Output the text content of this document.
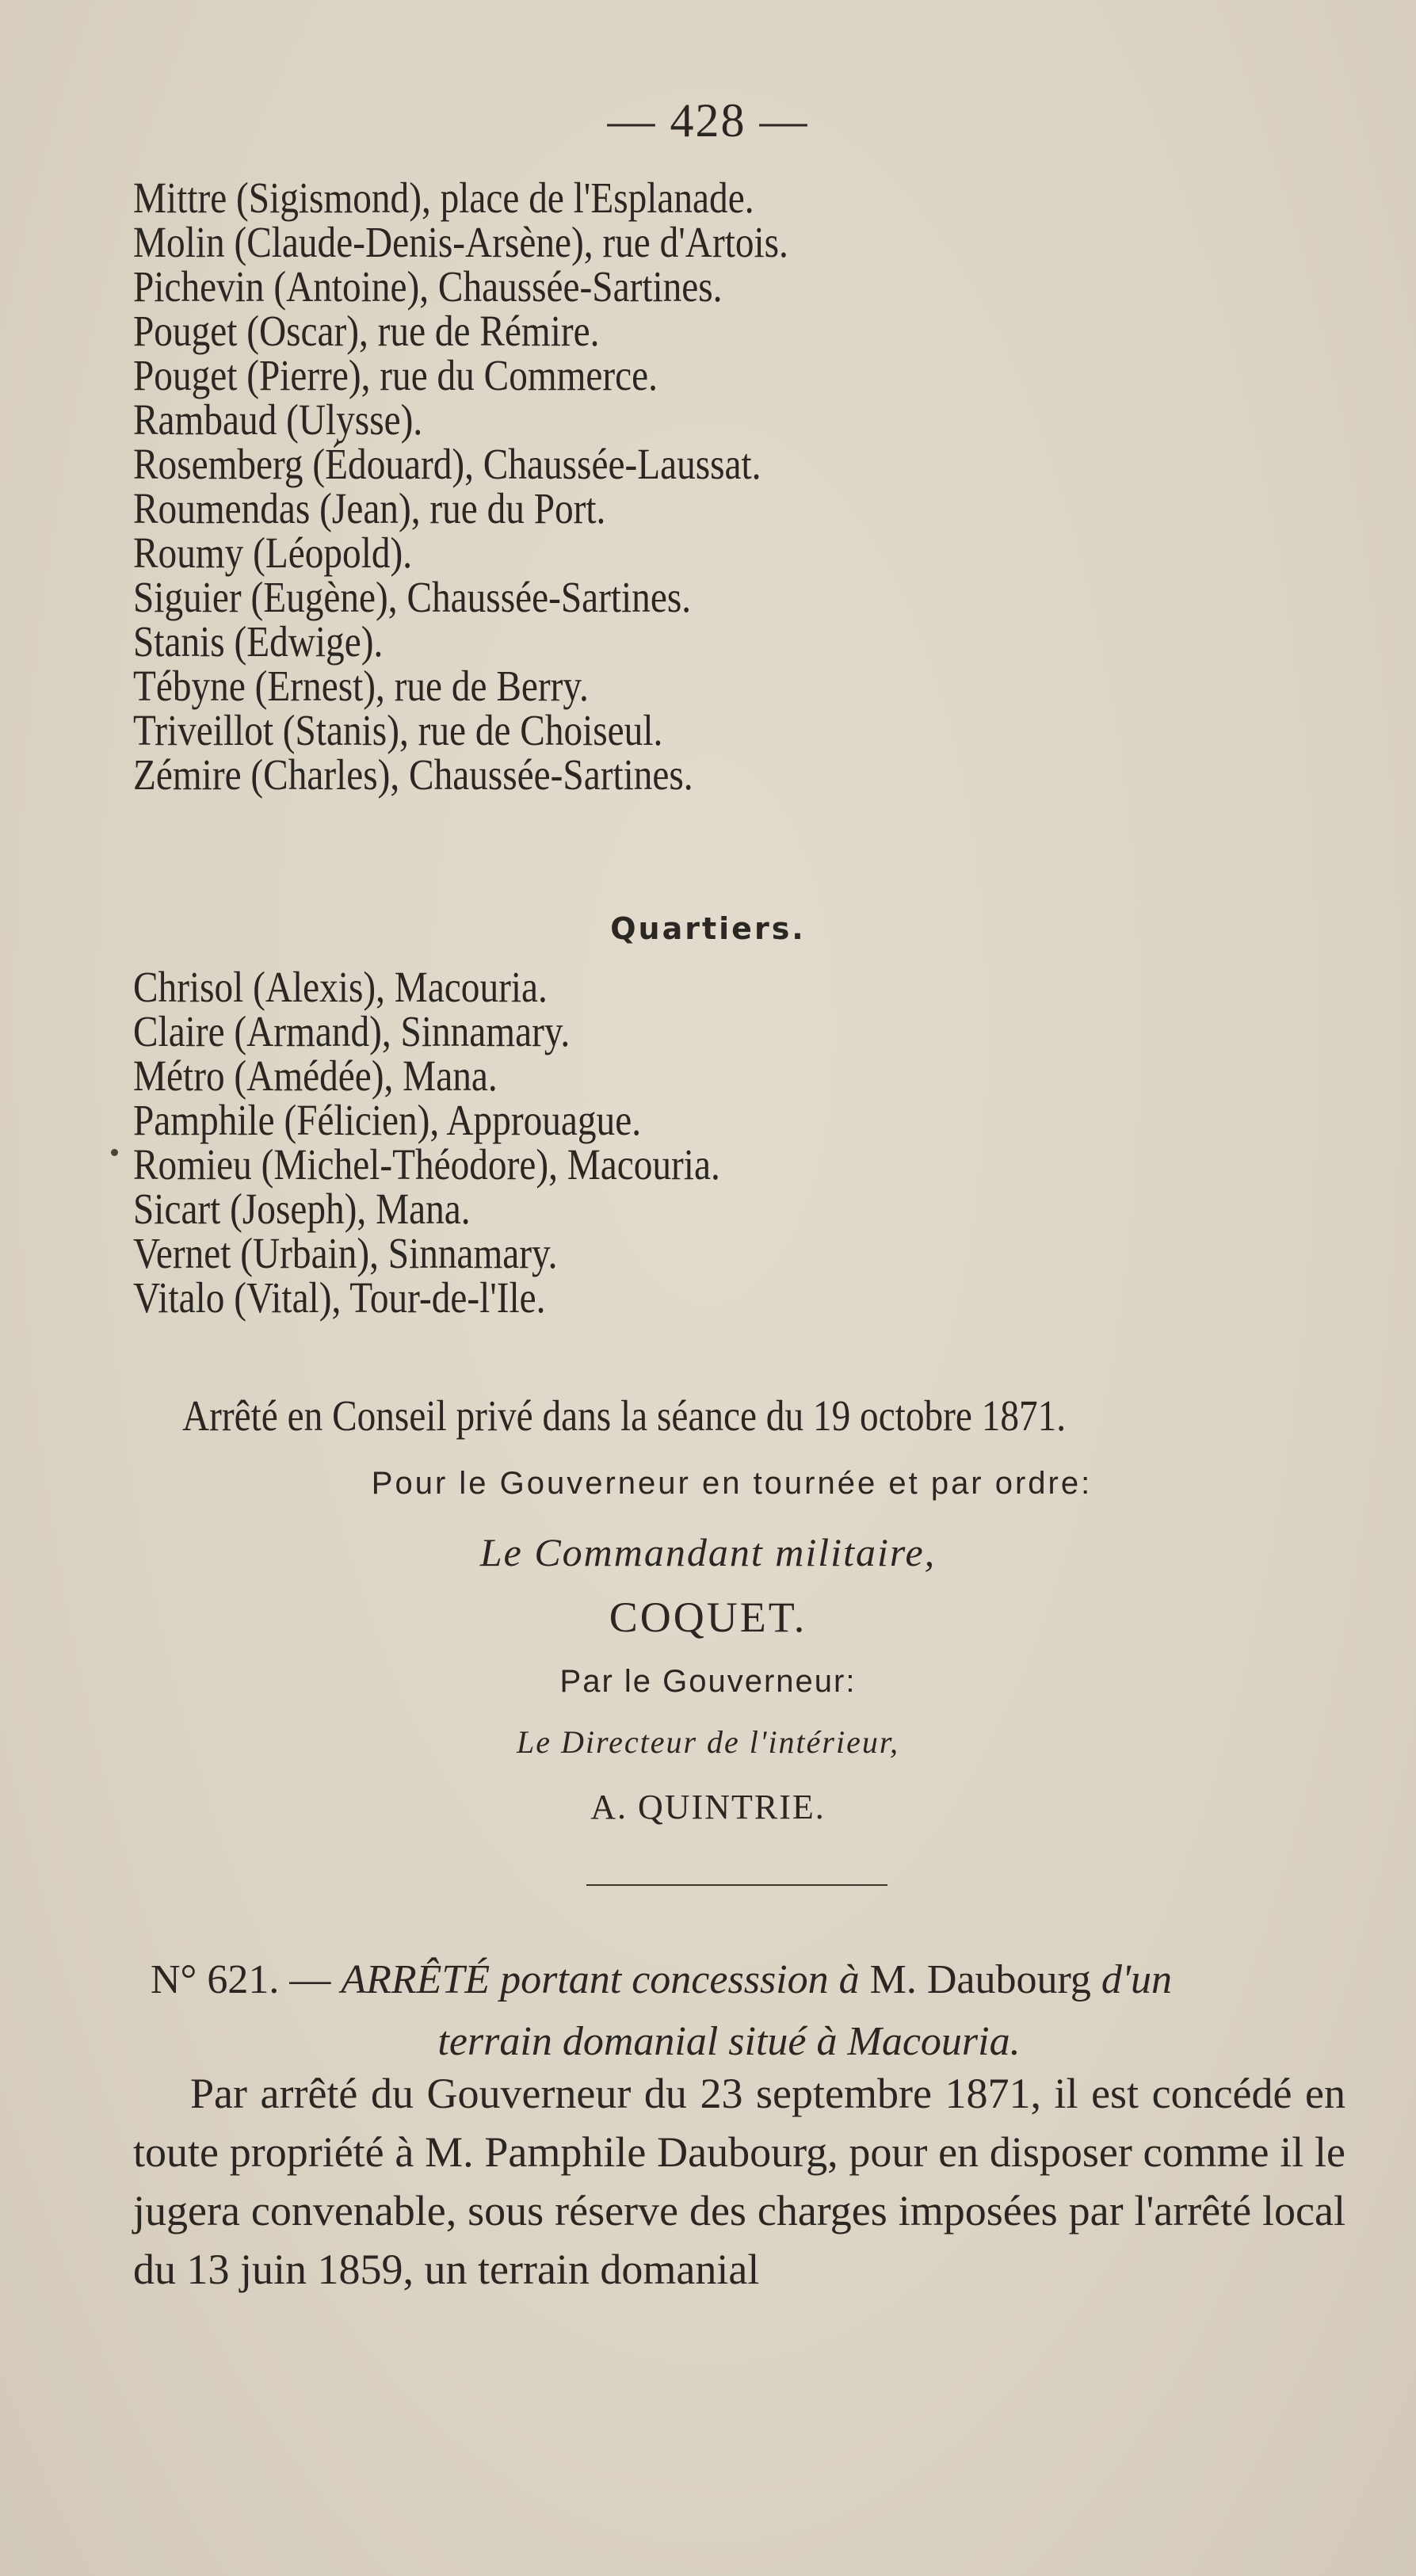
— 428 —
Mittre (Sigismond), place de l'Esplanade.
Molin (Claude-Denis-Arsène), rue d'Artois.
Pichevin (Antoine), Chaussée-Sartines.
Pouget (Oscar), rue de Rémire.
Pouget (Pierre), rue du Commerce.
Rambaud (Ulysse).
Rosemberg (Édouard), Chaussée-Laussat.
Roumendas (Jean), rue du Port.
Roumy (Léopold).
Siguier (Eugène), Chaussée-Sartines.
Stanis (Edwige).
Tébyne (Ernest), rue de Berry.
Triveillot (Stanis), rue de Choiseul.
Zémire (Charles), Chaussée-Sartines.
Quartiers.
Chrisol (Alexis), Macouria.
Claire (Armand), Sinnamary.
Métro (Amédée), Mana.
Pamphile (Félicien), Approuague.
Romieu (Michel-Théodore), Macouria.
Sicart (Joseph), Mana.
Vernet (Urbain), Sinnamary.
Vitalo (Vital), Tour-de-l'Ile.
Arrêté en Conseil privé dans la séance du 19 octobre 1871.
Pour le Gouverneur en tournée et par ordre:
Le Commandant militaire,
COQUET.
Par le Gouverneur:
Le Directeur de l'intérieur,
A. QUINTRIE.
N° 621. — ARRÊTÉ portant concesssion à M. Daubourg d'un
terrain domanial situé à Macouria.

Par arrêté du Gouverneur du 23 septembre 1871, il est concédé en toute propriété à M. Pamphile Daubourg, pour en disposer comme il le jugera convenable, sous réserve des charges imposées par l'arrêté local du 13 juin 1859, un terrain domanial
